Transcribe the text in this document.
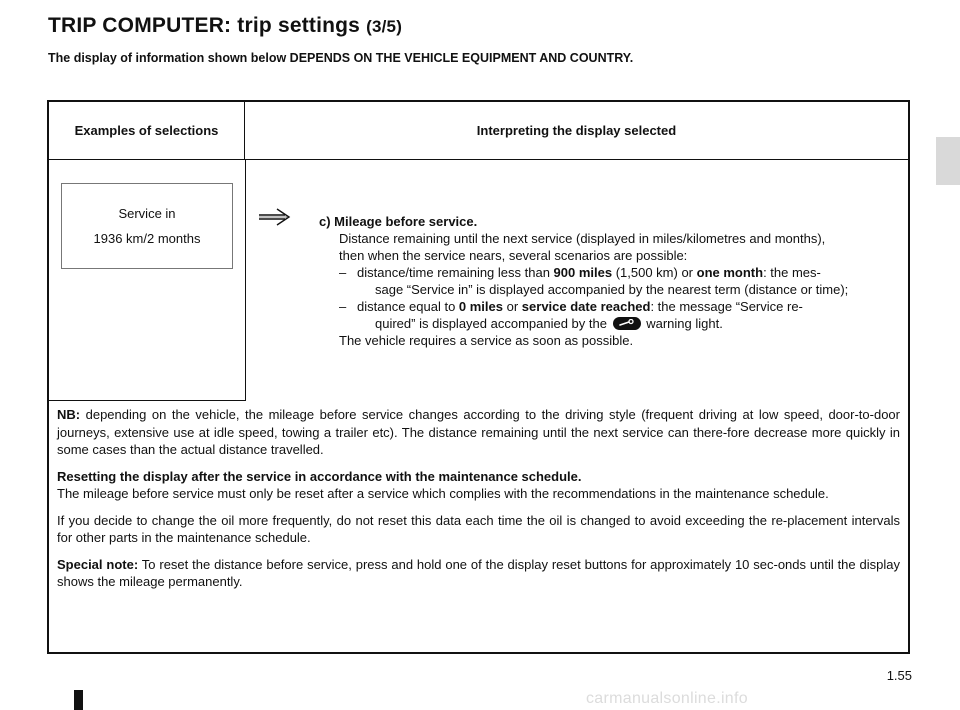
TRIP COMPUTER: trip settings (3/5)
The display of information shown below DEPENDS ON THE VEHICLE EQUIPMENT AND COUNTRY.
Examples of selections	Interpreting the display selected
Service in
1936 km/2 months
c) Mileage before service.
Distance remaining until the next service (displayed in miles/kilometres and months),
then when the service nears, several scenarios are possible:
– distance/time remaining less than 900 miles (1,500 km) or one month: the mes-
sage “Service in” is displayed accompanied by the nearest term (distance or time);
– distance equal to 0 miles or service date reached: the message “Service re-
quired” is displayed accompanied by the
warning light.
The vehicle requires a service as soon as possible.

NB: depending on the vehicle, the mileage before service changes according to the driving style (frequent driving at low speed, door-to-door journeys, extensive use at idle speed, towing a trailer etc). The distance remaining until the next service can there-fore decrease more quickly in some cases than the actual distance travelled.

Resetting the display after the service in accordance with the maintenance schedule.
The mileage before service must only be reset after a service which complies with the recommendations in the maintenance schedule.

If you decide to change the oil more frequently, do not reset this data each time the oil is changed to avoid exceeding the re-placement intervals for other parts in the maintenance schedule.

Special note: To reset the distance before service, press and hold one of the display reset buttons for approximately 10 sec-onds until the display shows the mileage permanently.

1.55
carmanualsonline.info
